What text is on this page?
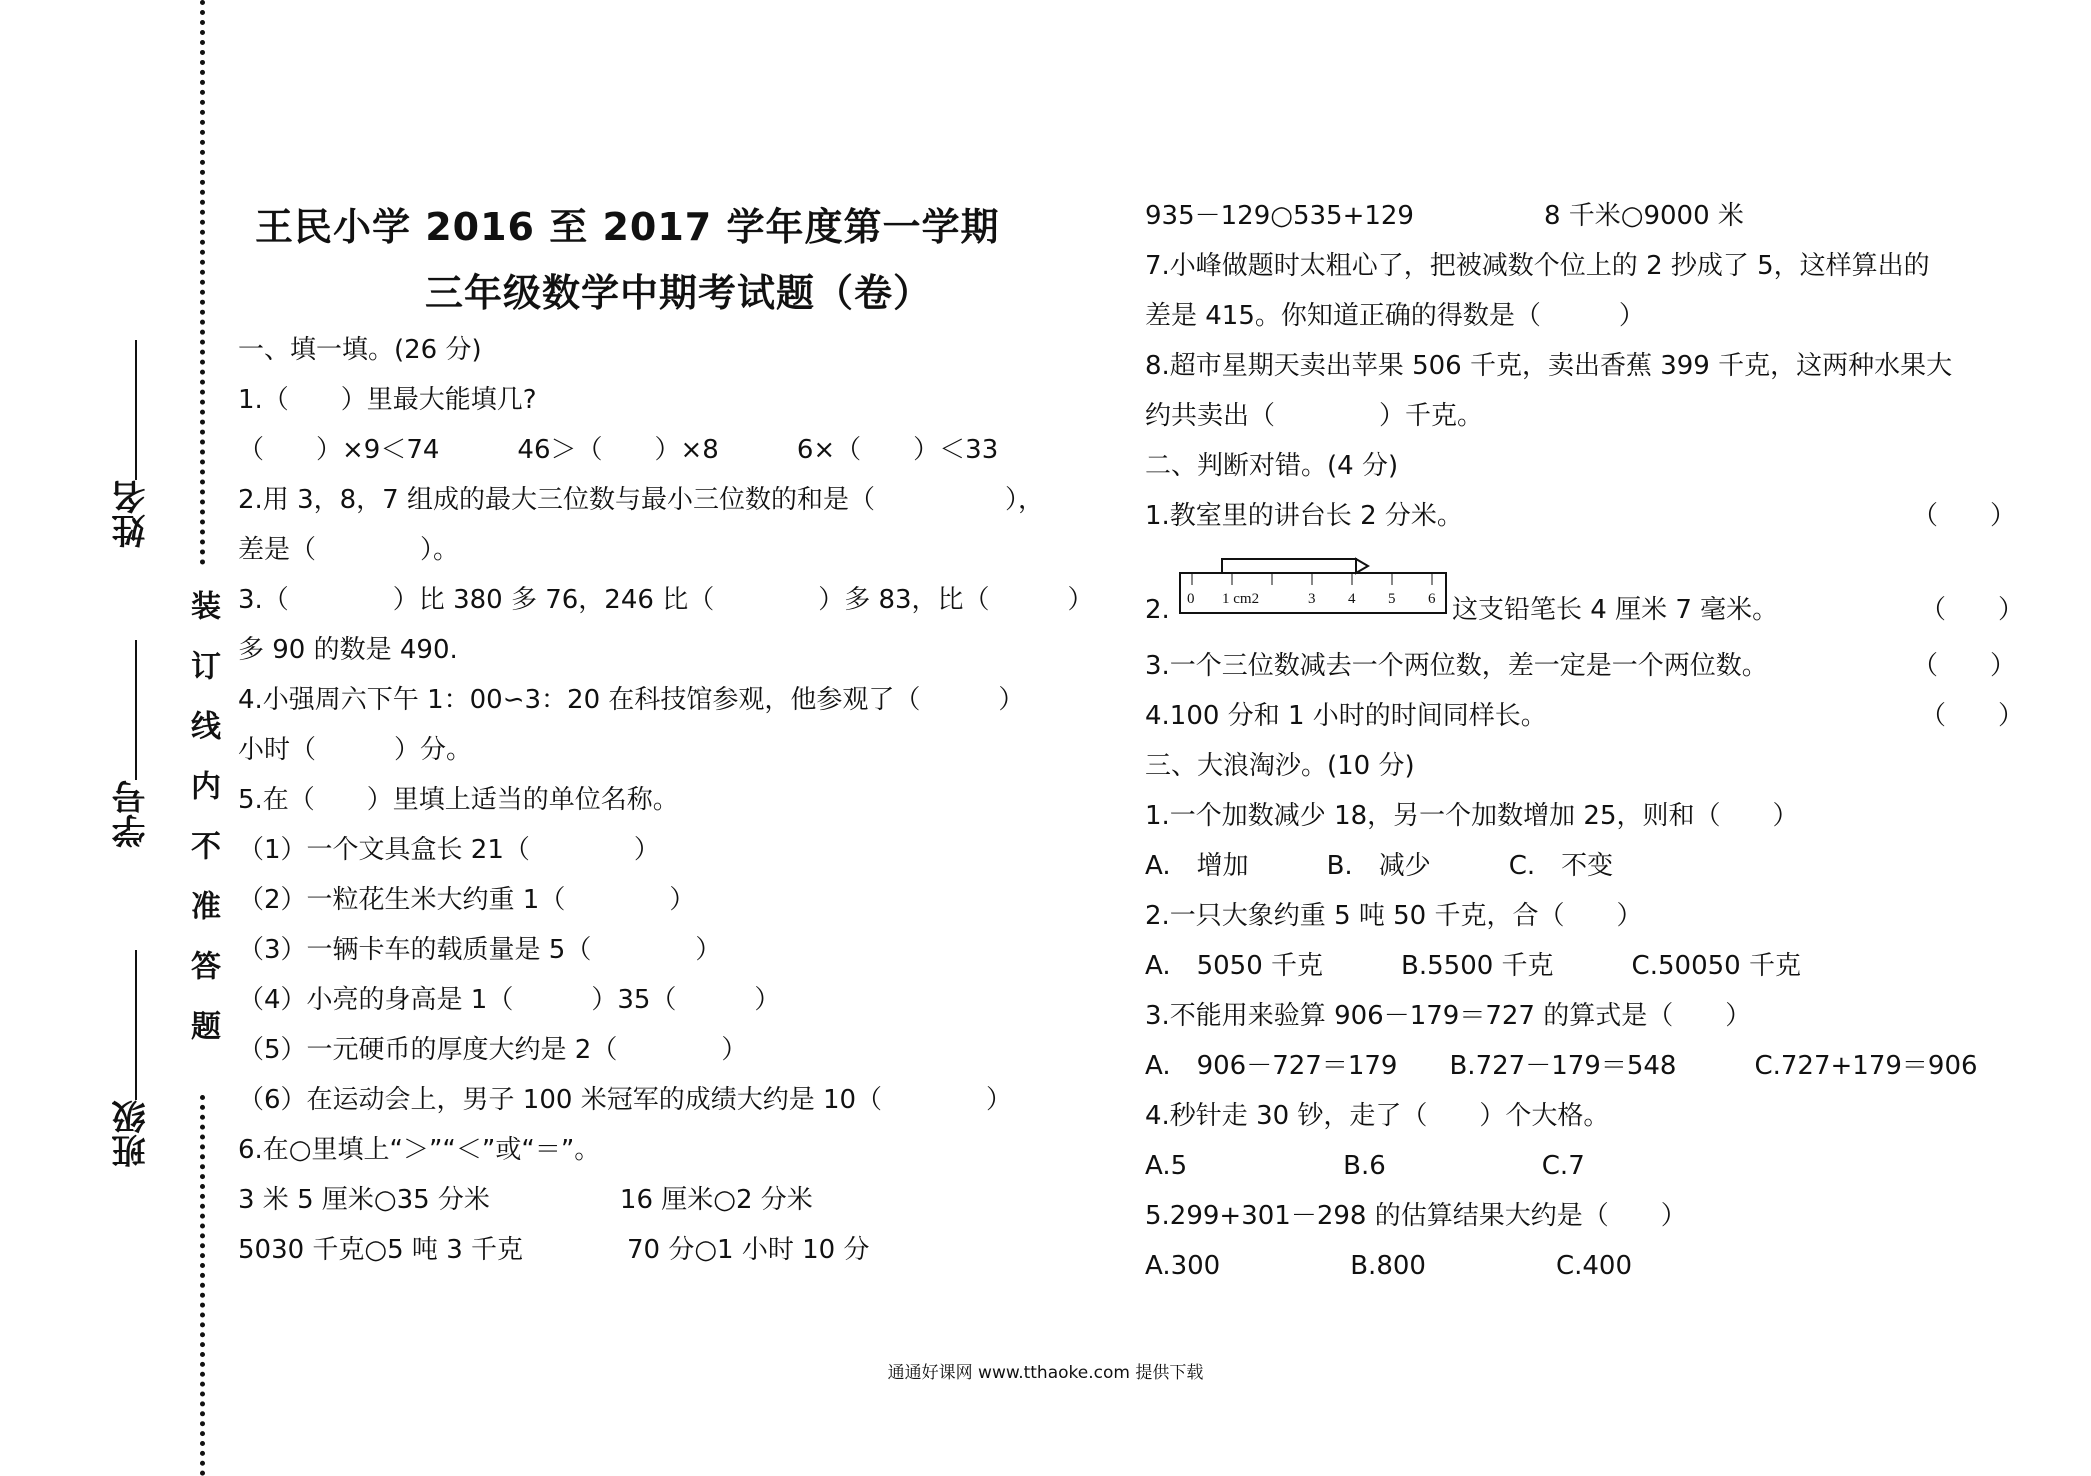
装订线内不准答题
姓名
学号
班级
王民小学 2016 至 2017 学年度第一学期
三年级数学中期考试题（卷）
一、填一填。(26 分)
1.（　　）里最大能填几?
（　　）×9＜74　　　46＞（　　）×8　　　6×（　　）＜33
2.用 3，8，7 组成的最大三位数与最小三位数的和是（　　　　　），
差是（　　　　）。
3.（　　　　）比 380 多 76，246 比（　　　　）多 83，比（　　　）
多 90 的数是 490.
4.小强周六下午 1：00∽3：20 在科技馆参观，他参观了（　　　）
小时（　　　）分。
5.在（　　）里填上适当的单位名称。
（1）一个文具盒长 21（　　　　）
（2）一粒花生米大约重 1（　　　　）
（3）一辆卡车的载质量是 5（　　　　）
（4）小亮的身高是 1（　　　）35（　　　）
（5）一元硬币的厚度大约是 2（　　　　）
（6）在运动会上，男子 100 米冠军的成绩大约是 10（　　　　）
6.在○里填上“＞”“＜”或“＝”。
3 米 5 厘米○35 分米　　　　　16 厘米○2 分米
5030 千克○5 吨 3 千克　　　　70 分○1 小时 10 分
935－129○535+129　　　　　8 千米○9000 米
7.小峰做题时太粗心了，把被减数个位上的 2 抄成了 5，这样算出的
差是 415。你知道正确的得数是（　　　）
8.超市星期天卖出苹果 506 千克，卖出香蕉 399 千克，这两种水果大
约共卖出（　　　　）千克。
二、判断对错。(4 分)
1.教室里的讲台长 2 分米。	（　　）
2. 0 1 cm2	3 4 5 6 这支铅笔长 4 厘米 7 毫米。	（　　）
3.一个三位数减去一个两位数，差一定是一个两位数。	（　　）
4.100 分和 1 小时的时间同样长。	（　　）
三、大浪淘沙。(10 分)
1.一个加数减少 18，另一个加数增加 25，则和（　　）
A.　增加　　　B.　减少　　　C.　不变
2.一只大象约重 5 吨 50 千克，合（　　）
A.　5050 千克　　　B.5500 千克　　　C.50050 千克
3.不能用来验算 906－179＝727 的算式是（　　）
A.　906－727＝179　　B.727－179＝548　　　C.727+179＝906
4.秒针走 30 钞，走了（　　）个大格。
A.5　　　　　　B.6　　　　　　C.7
5.299+301－298 的估算结果大约是（　　）
A.300　　　　　B.800　　　　　C.400
通通好课网 www.tthaoke.com 提供下载
